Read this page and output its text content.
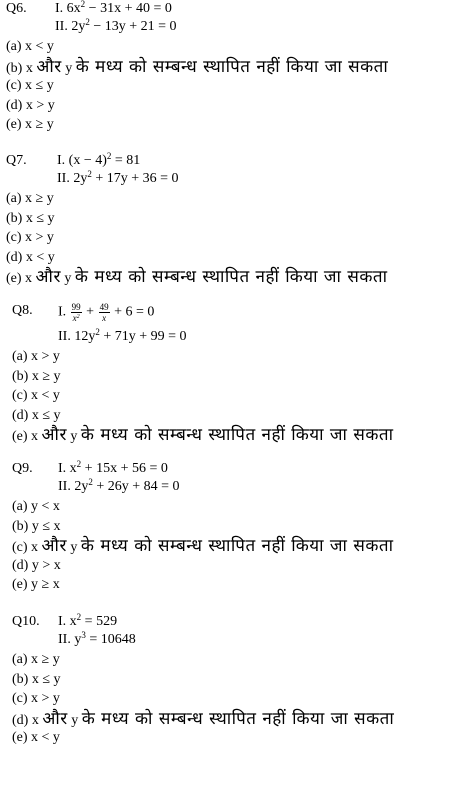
Q6. I. $6x^2 - 31x + 40 = 0$
II. $2y^2 - 13y + 21 = 0$
(a) x < y
(b) x और y के मध्य को सम्बन्ध स्थापित नहीं किया जा सकता
(c) x ≤ y
(d) x > y
(e) x ≥ y
Q7. I. $(x - 4)^2 = 81$
II. $2y^2 + 17y + 36 = 0$
(a) x ≥ y
(b) x ≤ y
(c) x > y
(d) x < y
(e) x और y के मध्य को सम्बन्ध स्थापित नहीं किया जा सकता
Q8. I. $\frac{99}{x^2} + \frac{49}{x} + 6 = 0$
II. $12y^2 + 71y + 99 = 0$
(a) x > y
(b) x ≥ y
(c) x < y
(d) x ≤ y
(e) x और y के मध्य को सम्बन्ध स्थापित नहीं किया जा सकता
Q9. I. $x^2 + 15x + 56 = 0$
II. $2y^2 + 26y + 84 = 0$
(a) y < x
(b) y ≤ x
(c) x और y के मध्य को सम्बन्ध स्थापित नहीं किया जा सकता
(d) y > x
(e) y ≥ x
Q10. I. $x^2 = 529$
II. $y^3 = 10648$
(a) x ≥ y
(b) x ≤ y
(c) x > y
(d) x और y के मध्य को सम्बन्ध स्थापित नहीं किया जा सकता
(e) x < y
